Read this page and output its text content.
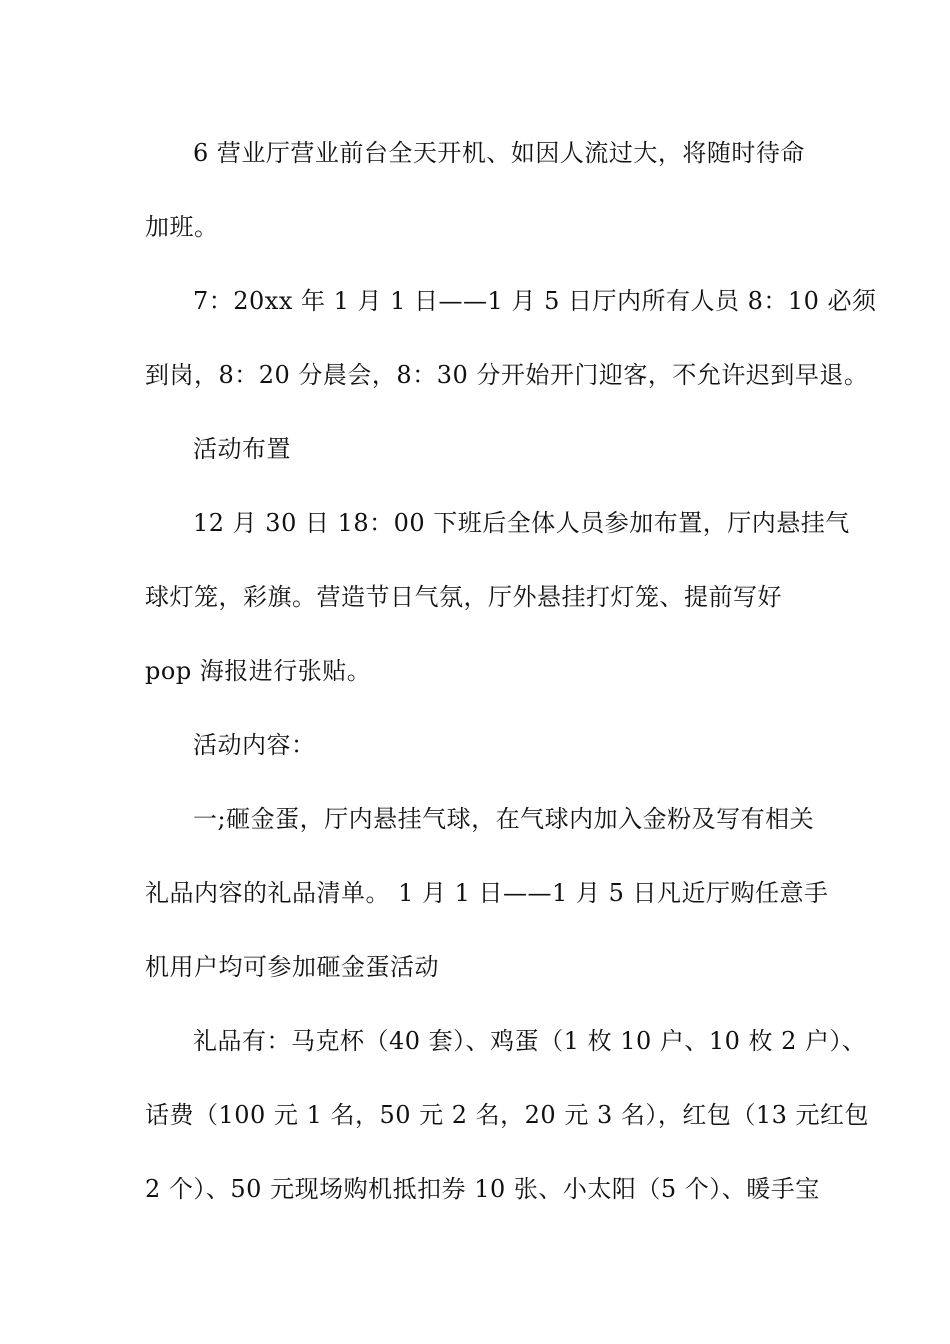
6 营业厅营业前台全天开机、如因人流过大，将随时待命
加班。
7：20xx 年 1 月 1 日——1 月 5 日厅内所有人员 8：10 必须
到岗，8：20 分晨会，8：30 分开始开门迎客，不允许迟到早退。
活动布置
12 月 30 日 18：00 下班后全体人员参加布置，厅内悬挂气
球灯笼，彩旗。营造节日气氛，厅外悬挂打灯笼、提前写好
pop 海报进行张贴。
活动内容：
一;砸金蛋，厅内悬挂气球，在气球内加入金粉及写有相关
礼品内容的礼品清单。 1 月 1 日——1 月 5 日凡近厅购任意手
机用户均可参加砸金蛋活动
礼品有：马克杯（40 套）、鸡蛋（1 枚 10 户、10 枚 2 户）、
话费（100 元 1 名，50 元 2 名，20 元 3 名），红包（13 元红包
2 个）、50 元现场购机抵扣券 10 张、小太阳（5 个）、暖手宝
